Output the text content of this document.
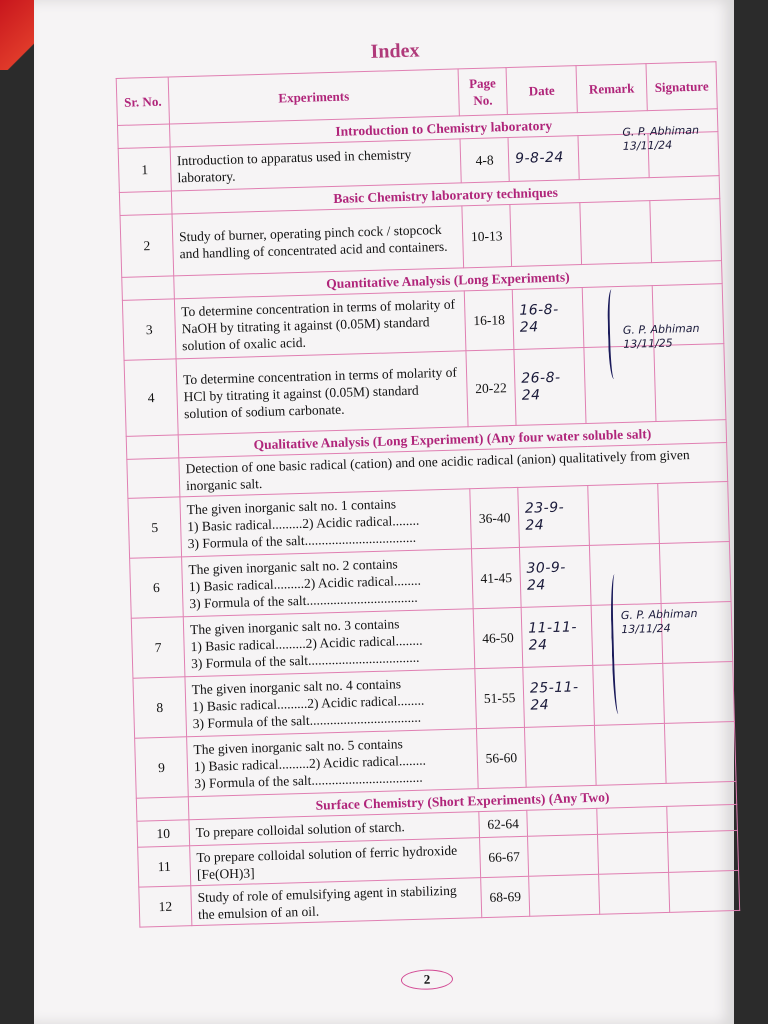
Index
Sr. No.	Experiments	Page No.	Date	Remark	Signature
	Introduction to Chemistry laboratory				
1	Introduction to apparatus used in chemistry laboratory.	4-8	9-8-24		
	Basic Chemistry laboratory techniques				
2	Study of burner, operating pinch cock / stopcock and handling of concentrated acid and containers.	10-13			
	Quantitative Analysis (Long Experiments)				
3	To determine concentration in terms of molarity of NaOH by titrating it against (0.05M) standard solution of oxalic acid.	16-18	16-8-24		
4	To determine concentration in terms of molarity of HCl by titrating it against (0.05M) standard solution of sodium carbonate.	20-22	26-8-24		
	Qualitative Analysis (Long Experiment) (Any four water soluble salt)				
	Detection of one basic radical (cation) and one acidic radical (anion) qualitatively from given inorganic salt.				
5	The given inorganic salt no. 1 contains
1) Basic radical.........2) Acidic radical........
3) Formula of the salt.................................	36-40	23-9-24		
6	The given inorganic salt no. 2 contains
1) Basic radical.........2) Acidic radical........
3) Formula of the salt.................................	41-45	30-9-24		
7	The given inorganic salt no. 3 contains
1) Basic radical.........2) Acidic radical........
3) Formula of the salt.................................	46-50	11-11-24		
8	The given inorganic salt no. 4 contains
1) Basic radical.........2) Acidic radical........
3) Formula of the salt.................................	51-55	25-11-24		
9	The given inorganic salt no. 5 contains
1) Basic radical.........2) Acidic radical........
3) Formula of the salt.................................	56-60			
	Surface Chemistry (Short Experiments) (Any Two)				
10	To prepare colloidal solution of starch.	62-64			
11	To prepare colloidal solution of ferric hydroxide [Fe(OH)3]	66-67			
12	Study of role of emulsifying agent in stabilizing the emulsion of an oil.	68-69			
G. P. Abhiman 13/11/24
G. P. Abhiman 13/11/25
G. P. Abhiman 13/11/24
2
